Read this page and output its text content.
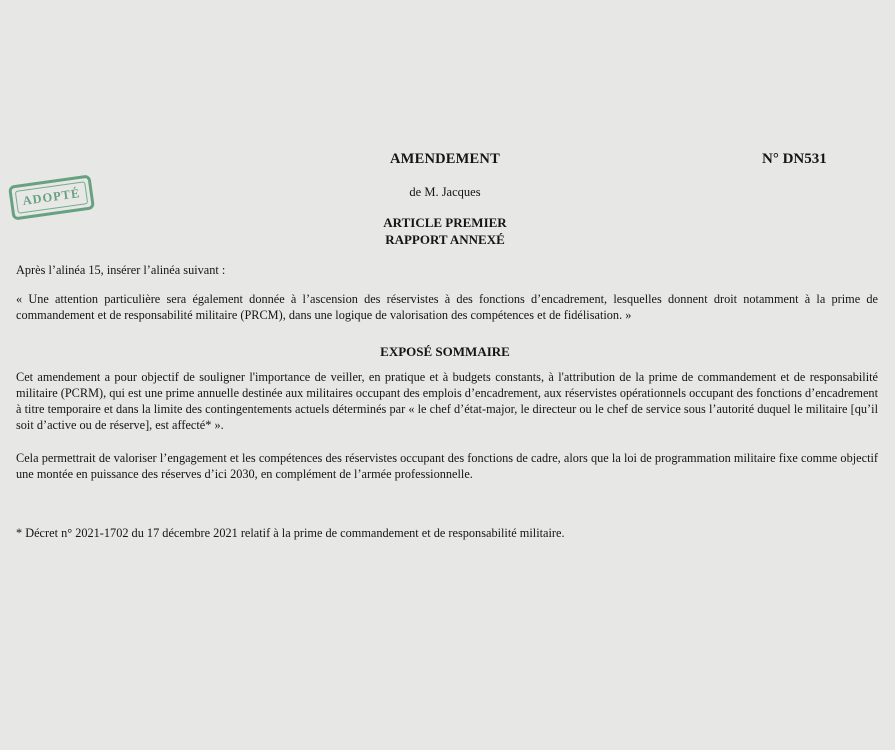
AMENDEMENT	N° DN531
ADOPTÉ	de M. Jacques
ARTICLE PREMIER
RAPPORT ANNEXÉ
Après l’alinéa 15, insérer l’alinéa suivant :
« Une attention particulière sera également donnée à l’ascension des réservistes à des fonctions d’encadrement, lesquelles donnent droit notamment à la prime de commandement et de responsabilité militaire (PRCM), dans une logique de valorisation des compétences et de fidélisation. »
EXPOSÉ SOMMAIRE
Cet amendement a pour objectif de souligner l'importance de veiller, en pratique et à budgets constants, à l'attribution de la prime de commandement et de responsabilité militaire (PCRM), qui est une prime annuelle destinée aux militaires occupant des emplois d’encadrement, aux réservistes opérationnels occupant des fonctions d’encadrement à titre temporaire et dans la limite des contingentements actuels déterminés par « le chef d’état-major, le directeur ou le chef de service sous l’autorité duquel le militaire [qu’il soit d’active ou de réserve], est affecté* ».
Cela permettrait de valoriser l’engagement et les compétences des réservistes occupant des fonctions de cadre, alors que la loi de programmation militaire fixe comme objectif une montée en puissance des réserves d’ici 2030, en complément de l’armée professionnelle.
* Décret n° 2021-1702 du 17 décembre 2021 relatif à la prime de commandement et de responsabilité militaire.
